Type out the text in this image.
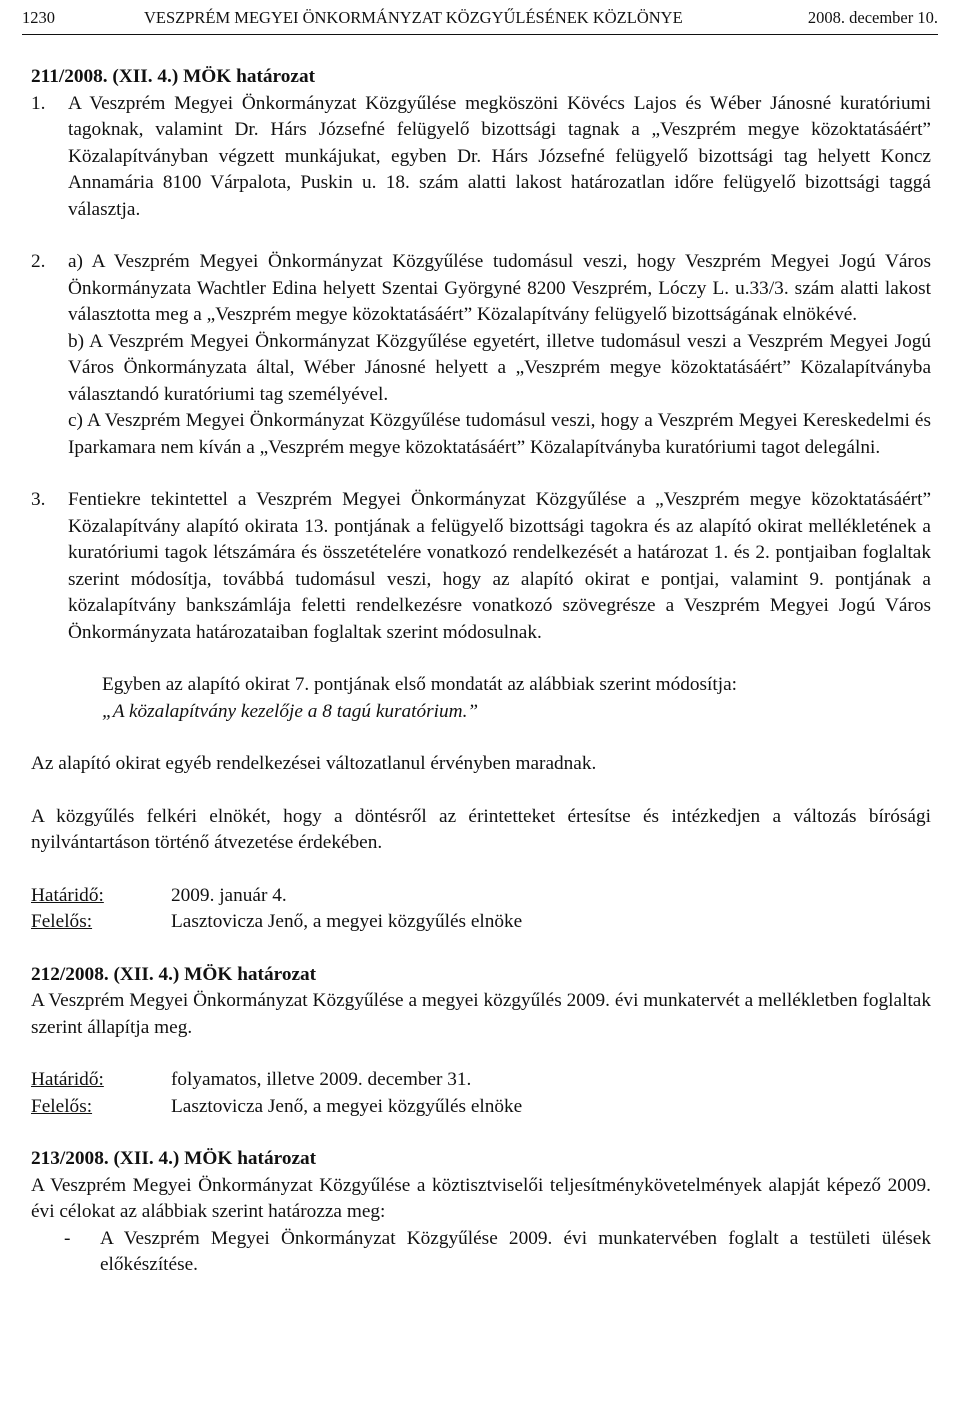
1230	VESZPRÉM MEGYEI ÖNKORMÁNYZAT KÖZGYŰLÉSÉNEK KÖZLÖNYE	2008. december 10.

211/2008. (XII. 4.) MÖK határozat

1. A Veszprém Megyei Önkormányzat Közgyűlése megköszöni Kövécs Lajos és Wéber Jánosné kuratóriumi tagoknak, valamint Dr. Hárs Józsefné felügyelő bizottsági tagnak a „Veszprém megye közoktatásáért” Közalapítványban végzett munkájukat, egyben Dr. Hárs Józsefné felügyelő bizottsági tag helyett Koncz Annamária 8100 Várpalota, Puskin u. 18. szám alatti lakost határozatlan időre felügyelő bizottsági taggá választja.
2. a) A Veszprém Megyei Önkormányzat Közgyűlése tudomásul veszi, hogy Veszprém Megyei Jogú Város Önkormányzata Wachtler Edina helyett Szentai Györgyné 8200 Veszprém, Lóczy L. u.33/3. szám alatti lakost választotta meg a „Veszprém megye közoktatásáért” Közalapítvány felügyelő bizottságának elnökévé.

b) A Veszprém Megyei Önkormányzat Közgyűlése egyetért, illetve tudomásul veszi a Veszprém Megyei Jogú Város Önkormányzata által, Wéber Jánosné helyett a „Veszprém megye közoktatásáért” Közalapítványba választandó kuratóriumi tag személyével.

c) A Veszprém Megyei Önkormányzat Közgyűlése tudomásul veszi, hogy a Veszprém Megyei Kereskedelmi és Iparkamara nem kíván a „Veszprém megye közoktatásáért” Közalapítványba kuratóriumi tagot delegálni.

3. Fentiekre tekintettel a Veszprém Megyei Önkormányzat Közgyűlése a „Veszprém megye közoktatásáért” Közalapítvány alapító okirata 13. pontjának a felügyelő bizottsági tagokra és az alapító okirat mellékletének a kuratóriumi tagok létszámára és összetételére vonatkozó rendelkezését a határozat 1. és 2. pontjaiban foglaltak szerint módosítja, továbbá tudomásul veszi, hogy az alapító okirat e pontjai, valamint 9. pontjának a közalapítvány bankszámlája feletti rendelkezésre vonatkozó szövegrésze a Veszprém Megyei Jogú Város Önkormányzata határozataiban foglaltak szerint módosulnak.

Egyben az alapító okirat 7. pontjának első mondatát az alábbiak szerint módosítja:

„A közalapítvány kezelője a 8 tagú kuratórium.”

Az alapító okirat egyéb rendelkezései változatlanul érvényben maradnak.

A közgyűlés felkéri elnökét, hogy a döntésről az érintetteket értesítse és intézkedjen a változás bírósági nyilvántartáson történő átvezetése érdekében.

Határidő:	2009. január 4.
Felelős:	Lasztovicza Jenő, a megyei közgyűlés elnöke

212/2008. (XII. 4.) MÖK határozat

A Veszprém Megyei Önkormányzat Közgyűlése a megyei közgyűlés 2009. évi munkatervét a mellékletben foglaltak szerint állapítja meg.

Határidő:	folyamatos, illetve 2009. december 31.
Felelős:	Lasztovicza Jenő, a megyei közgyűlés elnöke

213/2008. (XII. 4.) MÖK határozat

A Veszprém Megyei Önkormányzat Közgyűlése a köztisztviselői teljesítménykövetelmények alapját képező 2009. évi célokat az alábbiak szerint határozza meg:

- A Veszprém Megyei Önkormányzat Közgyűlése 2009. évi munkatervében foglalt a testületi ülések előkészítése.
